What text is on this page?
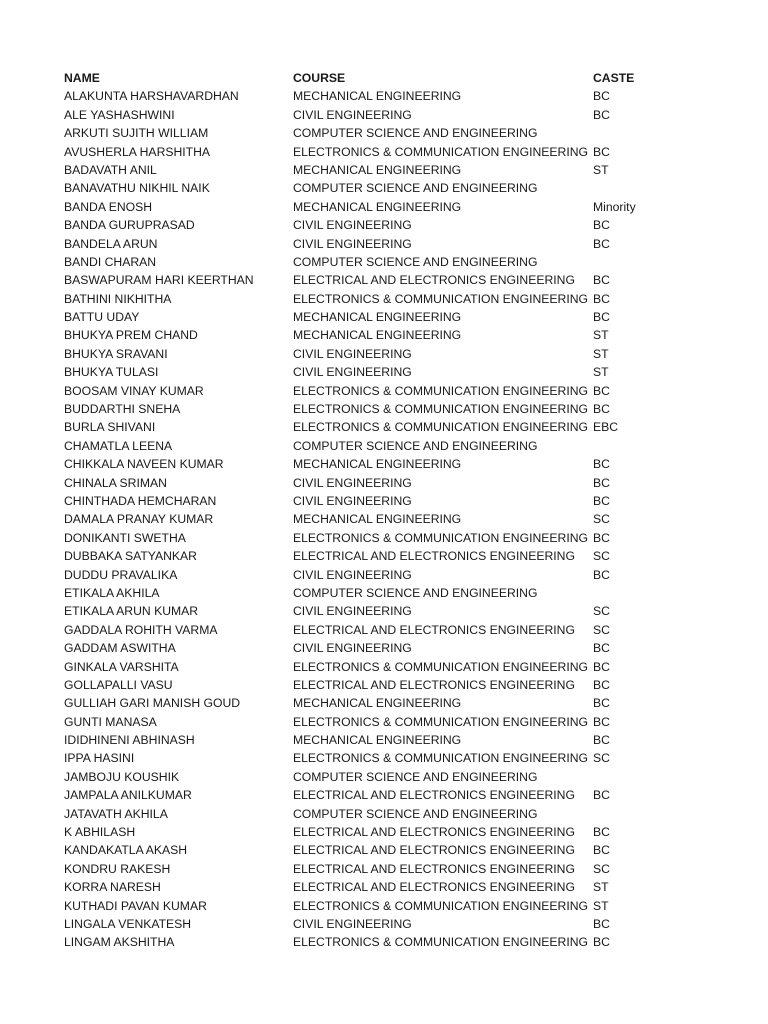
NAME	COURSE	CASTE
ALAKUNTA HARSHAVARDHAN	MECHANICAL ENGINEERING	BC
ALE YASHASHWINI	CIVIL ENGINEERING	BC
ARKUTI SUJITH WILLIAM	COMPUTER SCIENCE AND ENGINEERING
AVUSHERLA HARSHITHA	ELECTRONICS & COMMUNICATION ENGINEERING BC
BADAVATH ANIL	MECHANICAL ENGINEERING	ST
BANAVATHU NIKHIL NAIK	COMPUTER SCIENCE AND ENGINEERING
BANDA ENOSH	MECHANICAL ENGINEERING	Minority
BANDA GURUPRASAD	CIVIL ENGINEERING	BC
BANDELA ARUN	CIVIL ENGINEERING	BC
BANDI CHARAN	COMPUTER SCIENCE AND ENGINEERING
BASWAPURAM HARI KEERTHAN	ELECTRICAL AND ELECTRONICS ENGINEERING	BC
BATHINI NIKHITHA	ELECTRONICS & COMMUNICATION ENGINEERING BC
BATTU UDAY	MECHANICAL ENGINEERING	BC
BHUKYA PREM CHAND	MECHANICAL ENGINEERING	ST
BHUKYA SRAVANI	CIVIL ENGINEERING	ST
BHUKYA TULASI	CIVIL ENGINEERING	ST
BOOSAM VINAY KUMAR	ELECTRONICS & COMMUNICATION ENGINEERING BC
BUDDARTHI SNEHA	ELECTRONICS & COMMUNICATION ENGINEERING BC
BURLA SHIVANI	ELECTRONICS & COMMUNICATION ENGINEERING EBC
CHAMATLA LEENA	COMPUTER SCIENCE AND ENGINEERING
CHIKKALA NAVEEN KUMAR	MECHANICAL ENGINEERING	BC
CHINALA SRIMAN	CIVIL ENGINEERING	BC
CHINTHADA HEMCHARAN	CIVIL ENGINEERING	BC
DAMALA PRANAY KUMAR	MECHANICAL ENGINEERING	SC
DONIKANTI SWETHA	ELECTRONICS & COMMUNICATION ENGINEERING BC
DUBBAKA SATYANKAR	ELECTRICAL AND ELECTRONICS ENGINEERING	SC
DUDDU PRAVALIKA	CIVIL ENGINEERING	BC
ETIKALA AKHILA	COMPUTER SCIENCE AND ENGINEERING
ETIKALA ARUN KUMAR	CIVIL ENGINEERING	SC
GADDALA ROHITH VARMA	ELECTRICAL AND ELECTRONICS ENGINEERING	SC
GADDAM ASWITHA	CIVIL ENGINEERING	BC
GINKALA VARSHITA	ELECTRONICS & COMMUNICATION ENGINEERING BC
GOLLAPALLI VASU	ELECTRICAL AND ELECTRONICS ENGINEERING	BC
GULLIAH GARI MANISH GOUD	MECHANICAL ENGINEERING	BC
GUNTI MANASA	ELECTRONICS & COMMUNICATION ENGINEERING BC
IDIDHINENI ABHINASH	MECHANICAL ENGINEERING	BC
IPPA HASINI	ELECTRONICS & COMMUNICATION ENGINEERING SC
JAMBOJU KOUSHIK	COMPUTER SCIENCE AND ENGINEERING
JAMPALA ANILKUMAR	ELECTRICAL AND ELECTRONICS ENGINEERING	BC
JATAVATH AKHILA	COMPUTER SCIENCE AND ENGINEERING
K ABHILASH	ELECTRICAL AND ELECTRONICS ENGINEERING	BC
KANDAKATLA AKASH	ELECTRICAL AND ELECTRONICS ENGINEERING	BC
KONDRU RAKESH	ELECTRICAL AND ELECTRONICS ENGINEERING	SC
KORRA NARESH	ELECTRICAL AND ELECTRONICS ENGINEERING	ST
KUTHADI PAVAN KUMAR	ELECTRONICS & COMMUNICATION ENGINEERING ST
LINGALA VENKATESH	CIVIL ENGINEERING	BC
LINGAM AKSHITHA	ELECTRONICS & COMMUNICATION ENGINEERING BC
